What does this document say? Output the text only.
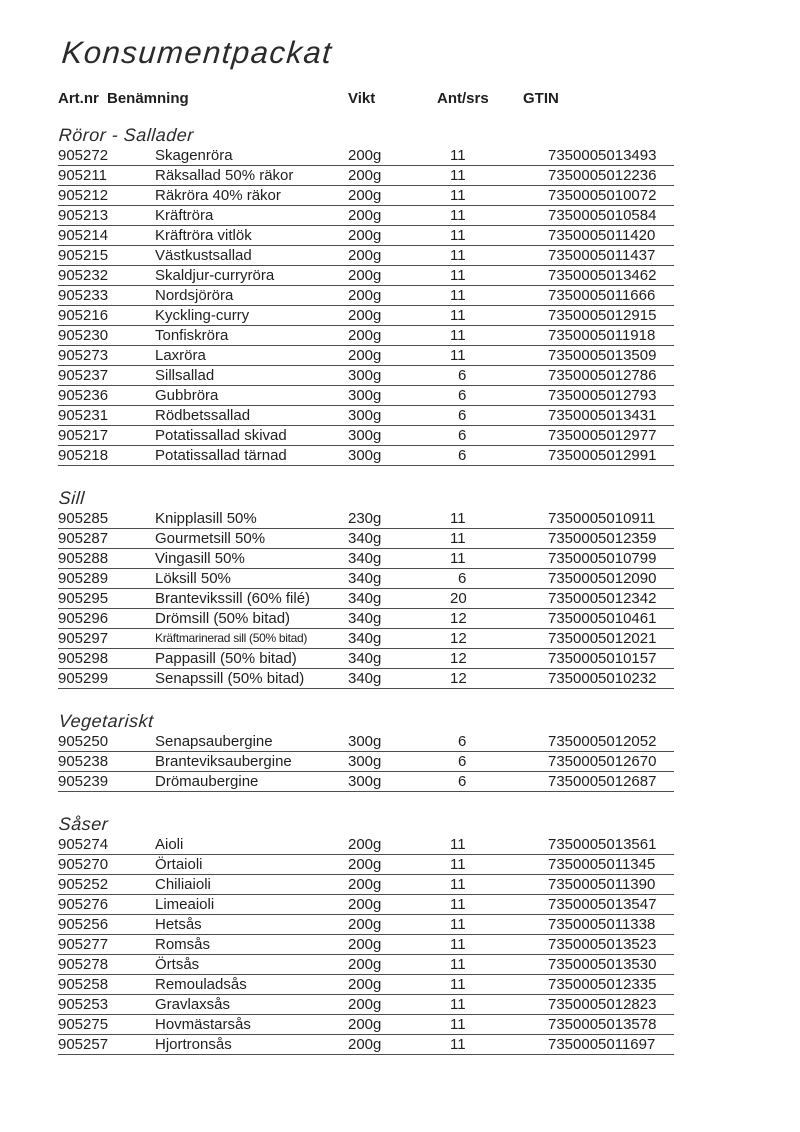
Konsumentpackat
Art.nr Benämning	Vikt	Ant/srs	GTIN
Röror - Sallader
905272	Skagenröra	200g	11	7350005013493
905211	Räksallad 50% räkor	200g	11	7350005012236
905212	Räkröra 40% räkor	200g	11	7350005010072
905213	Kräftröra	200g	11	7350005010584
905214	Kräftröra vitlök	200g	11	7350005011420
905215	Västkustsallad	200g	11	7350005011437
905232	Skaldjur-curryröra	200g	11	7350005013462
905233	Nordsjöröra	200g	11	7350005011666
905216	Kyckling-curry	200g	11	7350005012915
905230	Tonfiskröra	200g	11	7350005011918
905273	Laxröra	200g	11	7350005013509
905237	Sillsallad	300g	6	7350005012786
905236	Gubbröra	300g	6	7350005012793
905231	Rödbetssallad	300g	6	7350005013431
905217	Potatissallad skivad	300g	6	7350005012977
905218	Potatissallad tärnad	300g	6	7350005012991
Sill
905285	Knipplasill 50%	230g	11	7350005010911
905287	Gourmetsill 50%	340g	11	7350005012359
905288	Vingasill 50%	340g	11	7350005010799
905289	Löksill 50%	340g	6	7350005012090
905295	Brantevikssill (60% filé)	340g	20	7350005012342
905296	Drömsill (50% bitad)	340g	12	7350005010461
905297	Kräftmarinerad sill (50% bitad)	340g	12	7350005012021
905298	Pappasill (50% bitad)	340g	12	7350005010157
905299	Senapssill (50% bitad)	340g	12	7350005010232
Vegetariskt
905250	Senapsaubergine	300g	6	7350005012052
905238	Branteviksaubergine	300g	6	7350005012670
905239	Drömaubergine	300g	6	7350005012687
Såser
905274	Aioli	200g	11	7350005013561
905270	Örtaioli	200g	11	7350005011345
905252	Chiliaioli	200g	11	7350005011390
905276	Limeaioli	200g	11	7350005013547
905256	Hetsås	200g	11	7350005011338
905277	Romsås	200g	11	7350005013523
905278	Örtsås	200g	11	7350005013530
905258	Remouladsås	200g	11	7350005012335
905253	Gravlaxsås	200g	11	7350005012823
905275	Hovmästarsås	200g	11	7350005013578
905257	Hjortronsås	200g	11	7350005011697
